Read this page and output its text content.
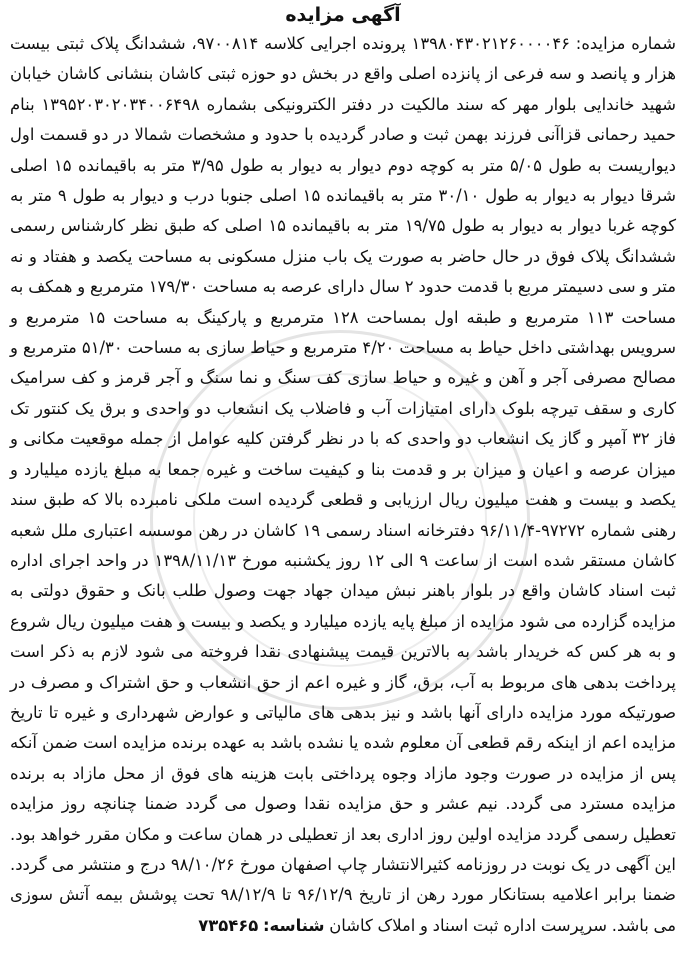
آگهی مزایده

شماره مزایده: ۱۳۹۸۰۴۳۰۲۱۲۶۰۰۰۰۴۶ پرونده اجرایی کلاسه ۹۷۰۰۸۱۴، ششدانگ پلاک ثبتی بیست هزار و پانصد و سه فرعی از پانزده اصلی واقع در بخش دو حوزه ثبتی کاشان بنشانی کاشان خیابان شهید خاندایی بلوار مهر که سند مالکیت در دفتر الکترونیکی بشماره ۱۳۹۵۲۰۳۰۲۰۳۴۰۰۶۴۹۸ بنام حمید رحمانی قزاآنی فرزند بهمن ثبت و صادر گردیده با حدود و مشخصات شمالا در دو قسمت اول دیواریست به طول ۵/۰۵ متر به کوچه دوم دیوار به دیوار به طول ۳/۹۵ متر به باقیمانده ۱۵ اصلی شرقا دیوار به دیوار به طول ۳۰/۱۰ متر به باقیمانده ۱۵ اصلی جنوبا درب و دیوار به طول ۹ متر به کوچه غربا دیوار به دیوار به طول ۱۹/۷۵ متر به باقیمانده ۱۵ اصلی که طبق نظر کارشناس رسمی ششدانگ پلاک فوق در حال حاضر به صورت یک باب منزل مسکونی به مساحت یکصد و هفتاد و نه متر و سی دسیمتر مربع با قدمت حدود ۲ سال دارای عرصه به مساحت ۱۷۹/۳۰ مترمربع و همکف به مساحت ۱۱۳ مترمربع و طبقه اول بمساحت ۱۲۸ مترمربع و پارکینگ به مساحت ۱۵ مترمربع و سرویس بهداشتی داخل حیاط به مساحت ۴/۲۰ مترمربع و حیاط سازی به مساحت ۵۱/۳۰ مترمربع و مصالح مصرفی آجر و آهن و غیره و حیاط سازی کف سنگ و نما سنگ و آجر قرمز و کف سرامیک کاری و سقف تیرچه بلوک دارای امتیازات آب و فاضلاب یک انشعاب دو واحدی و برق یک کنتور تک فاز ۳۲ آمپر و گاز یک انشعاب دو واحدی که با در نظر گرفتن کلیه عوامل از جمله موقعیت مکانی و میزان عرصه و اعیان و میزان بر و قدمت بنا و کیفیت ساخت و غیره جمعا به مبلغ یازده میلیارد و یکصد و بیست و هفت میلیون ریال ارزیابی و قطعی گردیده است ملکی نامبرده بالا که طبق سند رهنی شماره ۹۷۲۷۲-۹۶/۱۱/۴ دفترخانه اسناد رسمی ۱۹ کاشان در رهن موسسه اعتباری ملل شعبه کاشان مستقر شده است از ساعت ۹ الی ۱۲ روز یکشنبه مورخ ۱۳۹۸/۱۱/۱۳ در واحد اجرای اداره ثبت اسناد کاشان واقع در بلوار باهنر نبش میدان جهاد جهت وصول طلب بانک و حقوق دولتی به مزایده گزارده می شود مزایده از مبلغ پایه یازده میلیارد و یکصد و بیست و هفت میلیون ریال شروع و به هر کس که خریدار باشد به بالاترین قیمت پیشنهادی نقدا فروخته می شود لازم به ذکر است پرداخت بدهی های مربوط به آب، برق، گاز و غیره اعم از حق انشعاب و حق اشتراک و مصرف در صورتیکه مورد مزایده دارای آنها باشد و نیز بدهی های مالیاتی و عوارض شهرداری و غیره تا تاریخ مزایده اعم از اینکه رقم قطعی آن معلوم شده یا نشده باشد به عهده برنده مزایده است ضمن آنکه پس از مزایده در صورت وجود مازاد وجوه پرداختی بابت هزینه های فوق از محل مازاد به برنده مزایده مسترد می گردد. نیم عشر و حق مزایده نقدا وصول می گردد ضمنا چنانچه روز مزایده تعطیل رسمی گردد مزایده اولین روز اداری بعد از تعطیلی در همان ساعت و مکان مقرر خواهد بود. این آگهی در یک نوبت در روزنامه کثیرالانتشار چاپ اصفهان مورخ ۹۸/۱۰/۲۶ درج و منتشر می گردد. ضمنا برابر اعلامیه بستانکار مورد رهن از تاریخ ۹۶/۱۲/۹ تا ۹۸/۱۲/۹ تحت پوشش بیمه آتش سوزی می باشد. سرپرست اداره ثبت اسناد و املاک کاشان شناسه: ۷۳۵۴۶۵
